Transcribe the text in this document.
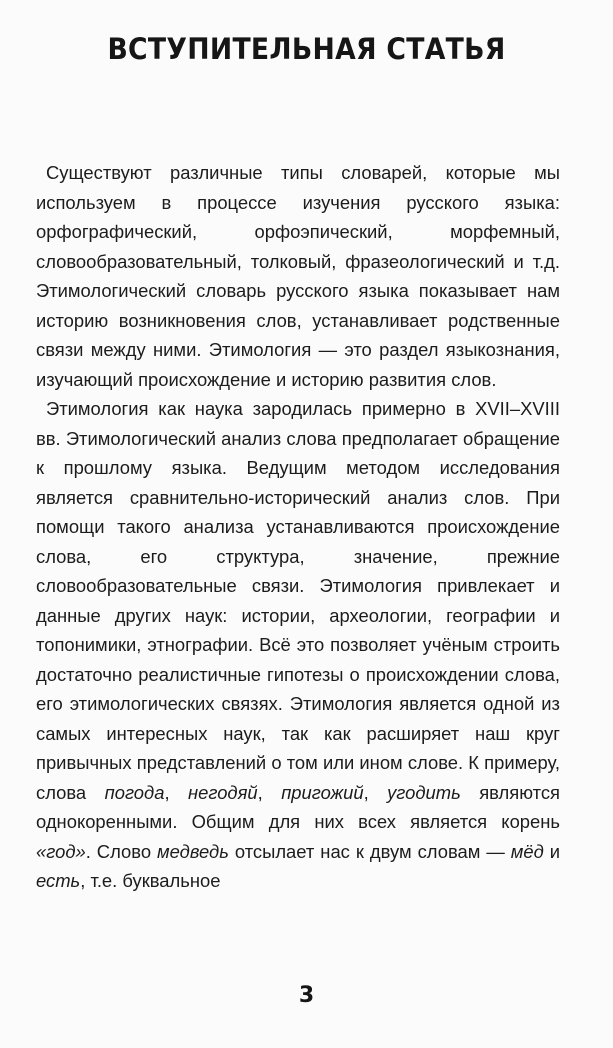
ВСТУПИТЕЛЬНАЯ СТАТЬЯ

Существуют различные типы словарей, которые мы используем в процессе изучения русского языка: орфографический, орфоэпический, морфемный, словообразовательный, толковый, фразеологический и т.д. Этимологический словарь русского языка показывает нам историю возникновения слов, устанавливает родственные связи между ними. Этимология — это раздел языкознания, изучающий происхождение и историю развития слов.

Этимология как наука зародилась примерно в XVII–XVIII вв. Этимологический анализ слова предполагает обращение к прошлому языка. Ведущим методом исследования является сравнительно-исторический анализ слов. При помощи такого анализа устанавливаются происхождение слова, его структура, значение, прежние словообразовательные связи. Этимология привлекает и данные других наук: истории, археологии, географии и топонимики, этнографии. Всё это позволяет учёным строить достаточно реалистичные гипотезы о происхождении слова, его этимологических связях. Этимология является одной из самых интересных наук, так как расширяет наш круг привычных представлений о том или ином слове. К примеру, слова погода, негодяй, пригожий, угодить являются однокоренными. Общим для них всех является корень «год». Слово медведь отсылает нас к двум словам — мёд и есть, т.е. буквальное

3
